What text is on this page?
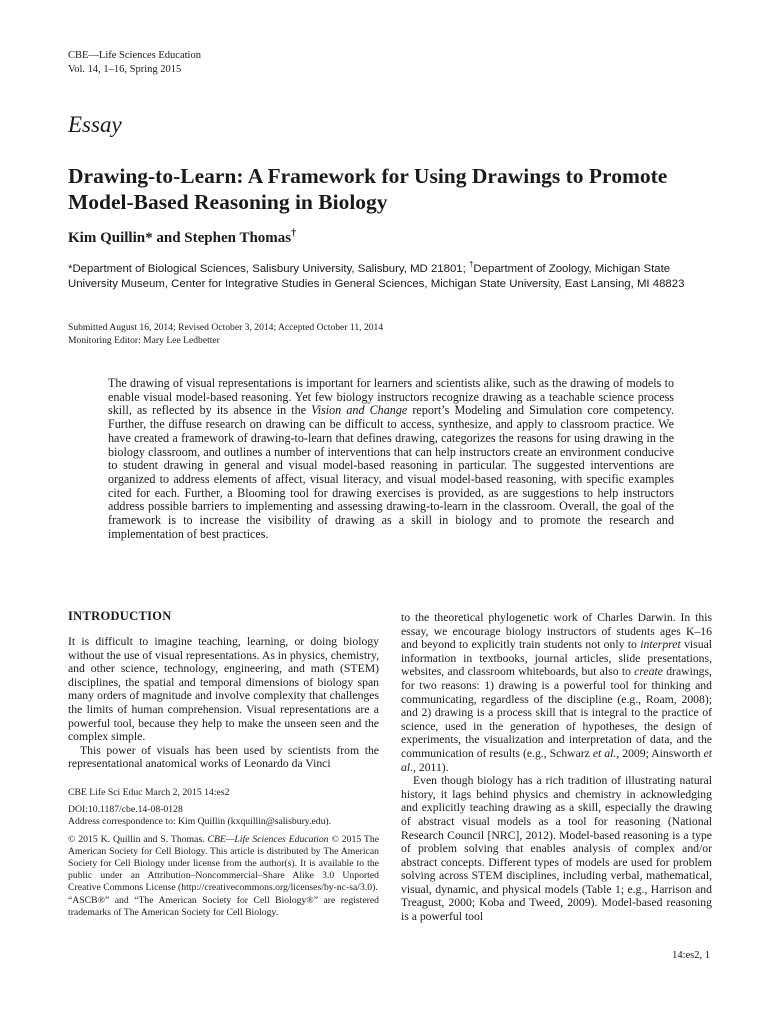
CBE—Life Sciences Education
Vol. 14, 1–16, Spring 2015
Essay
Drawing-to-Learn: A Framework for Using Drawings to Promote Model-Based Reasoning in Biology
Kim Quillin* and Stephen Thomas†
*Department of Biological Sciences, Salisbury University, Salisbury, MD 21801; †Department of Zoology, Michigan State University Museum, Center for Integrative Studies in General Sciences, Michigan State University, East Lansing, MI 48823
Submitted August 16, 2014; Revised October 3, 2014; Accepted October 11, 2014
Monitoring Editor: Mary Lee Ledbetter

The drawing of visual representations is important for learners and scientists alike, such as the drawing of models to enable visual model-based reasoning. Yet few biology instructors recognize drawing as a teachable science process skill, as reflected by its absence in the Vision and Change report’s Modeling and Simulation core competency. Further, the diffuse research on drawing can be difficult to access, synthesize, and apply to classroom practice. We have created a framework of drawing-to-learn that defines drawing, categorizes the reasons for using drawing in the biology classroom, and outlines a number of interventions that can help instructors create an environment conducive to student drawing in general and visual model-based reasoning in particular. The suggested interventions are organized to address elements of affect, visual literacy, and visual model-based reasoning, with specific examples cited for each. Further, a Blooming tool for drawing exercises is provided, as are suggestions to help instructors address possible barriers to implementing and assessing drawing-to-learn in the classroom. Overall, the goal of the framework is to increase the visibility of drawing as a skill in biology and to promote the research and implementation of best practices.

INTRODUCTION

It is difficult to imagine teaching, learning, or doing biology without the use of visual representations. As in physics, chemistry, and other science, technology, engineering, and math (STEM) disciplines, the spatial and temporal dimensions of biology span many orders of magnitude and involve complexity that challenges the limits of human comprehension. Visual representations are a powerful tool, because they help to make the unseen seen and the complex simple.

This power of visuals has been used by scientists from the representational anatomical works of Leonardo da Vinci

CBE Life Sci Educ March 2, 2015 14:es2

DOI:10.1187/cbe.14-08-0128

Address correspondence to: Kim Quillin (kxquillin@salisbury.edu).

© 2015 K. Quillin and S. Thomas. CBE—Life Sciences Education © 2015 The American Society for Cell Biology. This article is distributed by The American Society for Cell Biology under license from the author(s). It is available to the public under an Attribution–Noncommercial–Share Alike 3.0 Unported Creative Commons License (http://creativecommons.org/licenses/by-nc-sa/3.0).

“ASCB®” and “The American Society for Cell Biology®” are registered trademarks of The American Society for Cell Biology.

to the theoretical phylogenetic work of Charles Darwin. In this essay, we encourage biology instructors of students ages K–16 and beyond to explicitly train students not only to interpret visual information in textbooks, journal articles, slide presentations, websites, and classroom whiteboards, but also to create drawings, for two reasons: 1) drawing is a powerful tool for thinking and communicating, regardless of the discipline (e.g., Roam, 2008); and 2) drawing is a process skill that is integral to the practice of science, used in the generation of hypotheses, the design of experiments, the visualization and interpretation of data, and the communication of results (e.g., Schwarz et al., 2009; Ainsworth et al., 2011).

Even though biology has a rich tradition of illustrating natural history, it lags behind physics and chemistry in acknowledging and explicitly teaching drawing as a skill, especially the drawing of abstract visual models as a tool for reasoning (National Research Council [NRC], 2012). Model-based reasoning is a type of problem solving that enables analysis of complex and/or abstract concepts. Different types of models are used for problem solving across STEM disciplines, including verbal, mathematical, visual, dynamic, and physical models (Table 1; e.g., Harrison and Treagust, 2000; Koba and Tweed, 2009). Model-based reasoning is a powerful tool

14:es2, 1
